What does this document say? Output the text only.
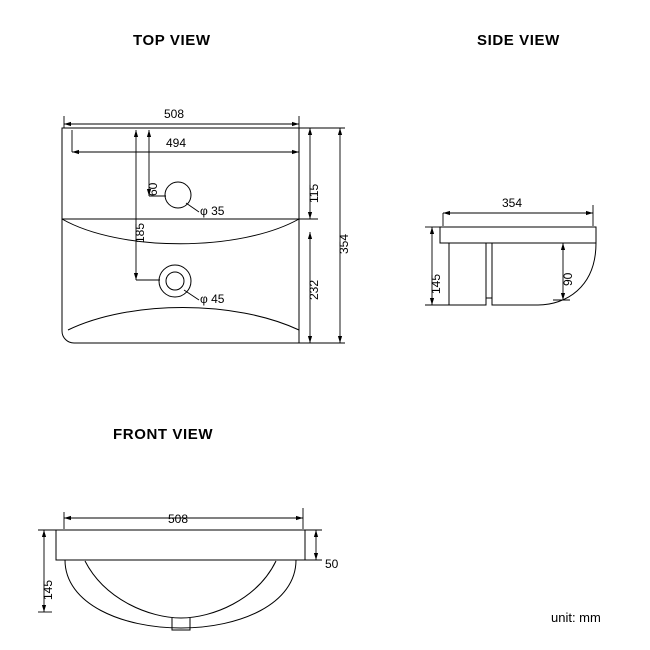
TOP VIEW	SIDE VIEW
FRONT VIEW
508
494
60
φ 35
185
φ 45
115
232
354
354
145	90
508
145
50
unit: mm
